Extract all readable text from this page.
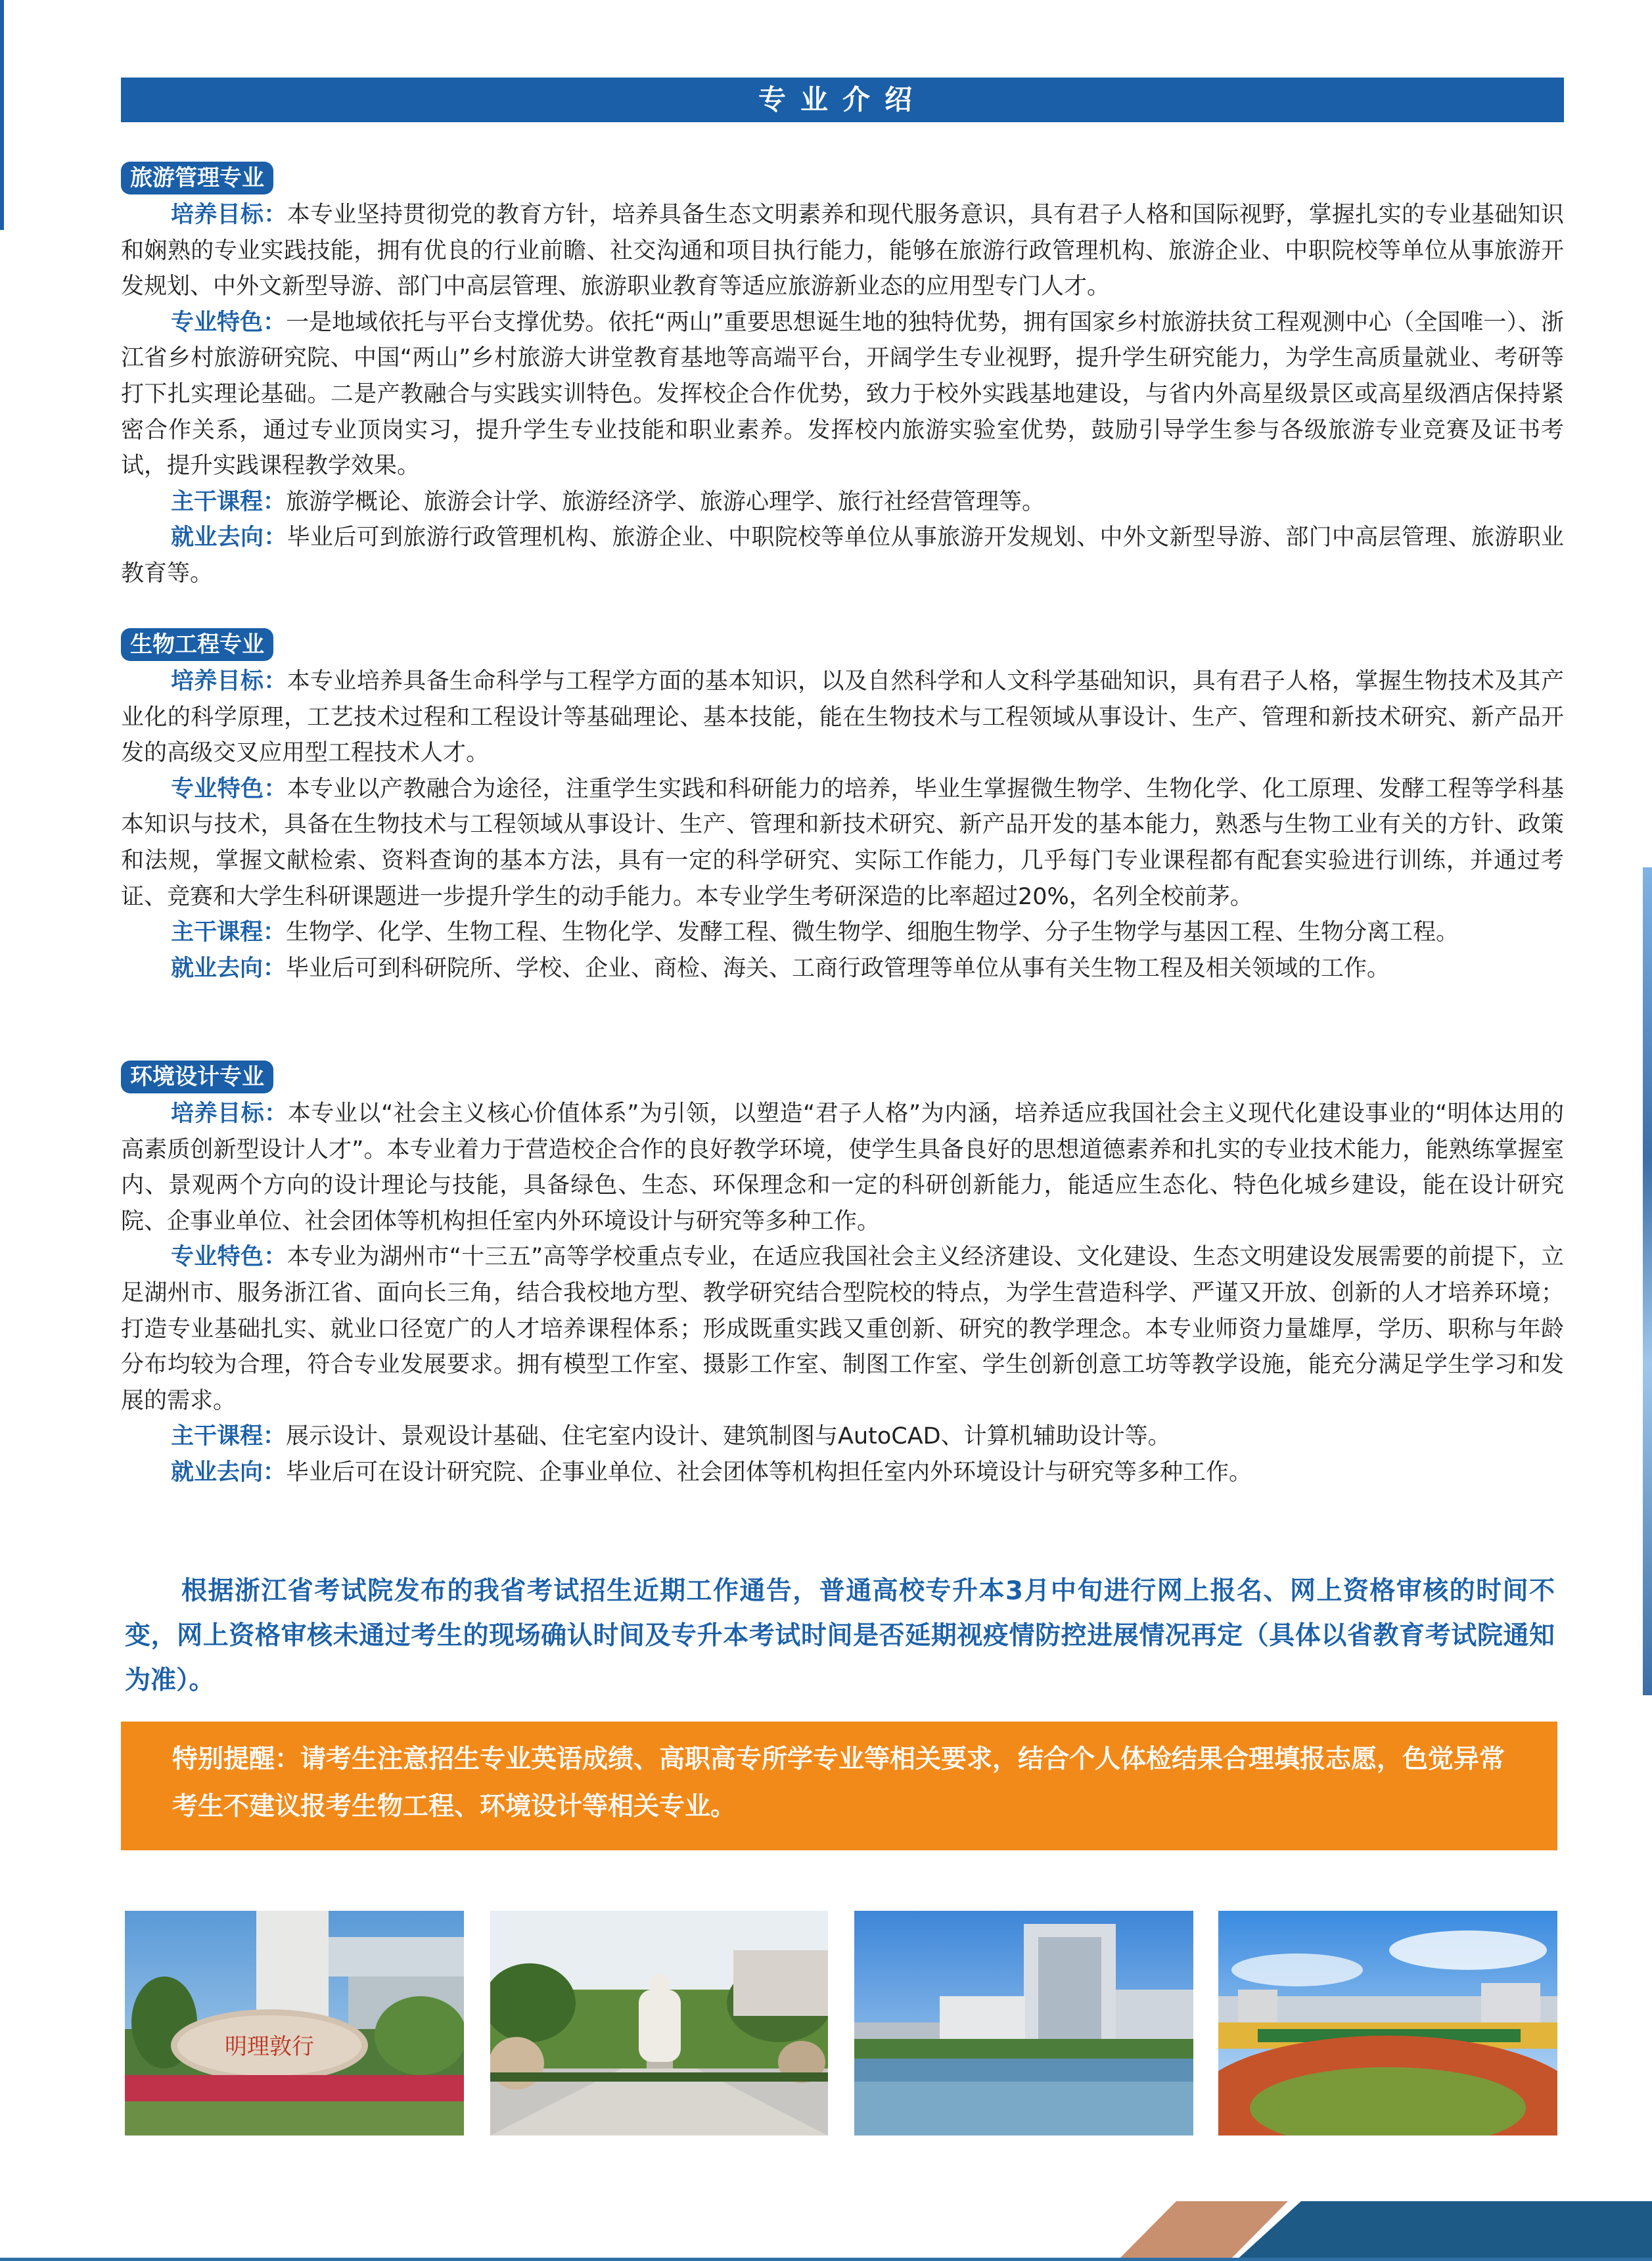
专业介绍
旅游管理专业

培养目标：本专业坚持贯彻党的教育方针，培养具备生态文明素养和现代服务意识，具有君子人格和国际视野，掌握扎实的专业基础知识和娴熟的专业实践技能，拥有优良的行业前瞻、社交沟通和项目执行能力，能够在旅游行政管理机构、旅游企业、中职院校等单位从事旅游开发规划、中外文新型导游、部门中高层管理、旅游职业教育等适应旅游新业态的应用型专门人才。

专业特色：一是地域依托与平台支撑优势。依托“两山”重要思想诞生地的独特优势，拥有国家乡村旅游扶贫工程观测中心（全国唯一）、浙江省乡村旅游研究院、中国“两山”乡村旅游大讲堂教育基地等高端平台，开阔学生专业视野，提升学生研究能力，为学生高质量就业、考研等打下扎实理论基础。二是产教融合与实践实训特色。发挥校企合作优势，致力于校外实践基地建设，与省内外高星级景区或高星级酒店保持紧密合作关系，通过专业顶岗实习，提升学生专业技能和职业素养。发挥校内旅游实验室优势，鼓励引导学生参与各级旅游专业竞赛及证书考试，提升实践课程教学效果。

主干课程：旅游学概论、旅游会计学、旅游经济学、旅游心理学、旅行社经营管理等。

就业去向：毕业后可到旅游行政管理机构、旅游企业、中职院校等单位从事旅游开发规划、中外文新型导游、部门中高层管理、旅游职业教育等。

生物工程专业

培养目标：本专业培养具备生命科学与工程学方面的基本知识，以及自然科学和人文科学基础知识，具有君子人格，掌握生物技术及其产业化的科学原理，工艺技术过程和工程设计等基础理论、基本技能，能在生物技术与工程领域从事设计、生产、管理和新技术研究、新产品开发的高级交叉应用型工程技术人才。

专业特色：本专业以产教融合为途径，注重学生实践和科研能力的培养，毕业生掌握微生物学、生物化学、化工原理、发酵工程等学科基本知识与技术，具备在生物技术与工程领域从事设计、生产、管理和新技术研究、新产品开发的基本能力，熟悉与生物工业有关的方针、政策和法规，掌握文献检索、资料查询的基本方法，具有一定的科学研究、实际工作能力，几乎每门专业课程都有配套实验进行训练，并通过考证、竞赛和大学生科研课题进一步提升学生的动手能力。本专业学生考研深造的比率超过20%，名列全校前茅。

主干课程：生物学、化学、生物工程、生物化学、发酵工程、微生物学、细胞生物学、分子生物学与基因工程、生物分离工程。

就业去向：毕业后可到科研院所、学校、企业、商检、海关、工商行政管理等单位从事有关生物工程及相关领域的工作。

环境设计专业

培养目标：本专业以“社会主义核心价值体系”为引领，以塑造“君子人格”为内涵，培养适应我国社会主义现代化建设事业的“明体达用的高素质创新型设计人才”。本专业着力于营造校企合作的良好教学环境，使学生具备良好的思想道德素养和扎实的专业技术能力，能熟练掌握室内、景观两个方向的设计理论与技能，具备绿色、生态、环保理念和一定的科研创新能力，能适应生态化、特色化城乡建设，能在设计研究院、企事业单位、社会团体等机构担任室内外环境设计与研究等多种工作。

专业特色：本专业为湖州市“十三五”高等学校重点专业，在适应我国社会主义经济建设、文化建设、生态文明建设发展需要的前提下，立足湖州市、服务浙江省、面向长三角，结合我校地方型、教学研究结合型院校的特点，为学生营造科学、严谨又开放、创新的人才培养环境；打造专业基础扎实、就业口径宽广的人才培养课程体系；形成既重实践又重创新、研究的教学理念。本专业师资力量雄厚，学历、职称与年龄分布均较为合理，符合专业发展要求。拥有模型工作室、摄影工作室、制图工作室、学生创新创意工坊等教学设施，能充分满足学生学习和发展的需求。

主干课程：展示设计、景观设计基础、住宅室内设计、建筑制图与AutoCAD、计算机辅助设计等。

就业去向：毕业后可在设计研究院、企事业单位、社会团体等机构担任室内外环境设计与研究等多种工作。

根据浙江省考试院发布的我省考试招生近期工作通告，普通高校专升本3月中旬进行网上报名、网上资格审核的时间不变，网上资格审核未通过考生的现场确认时间及专升本考试时间是否延期视疫情防控进展情况再定（具体以省教育考试院通知为准）。

特别提醒：请考生注意招生专业英语成绩、高职高专所学专业等相关要求，结合个人体检结果合理填报志愿，色觉异常考生不建议报考生物工程、环境设计等相关专业。
明理敦行
